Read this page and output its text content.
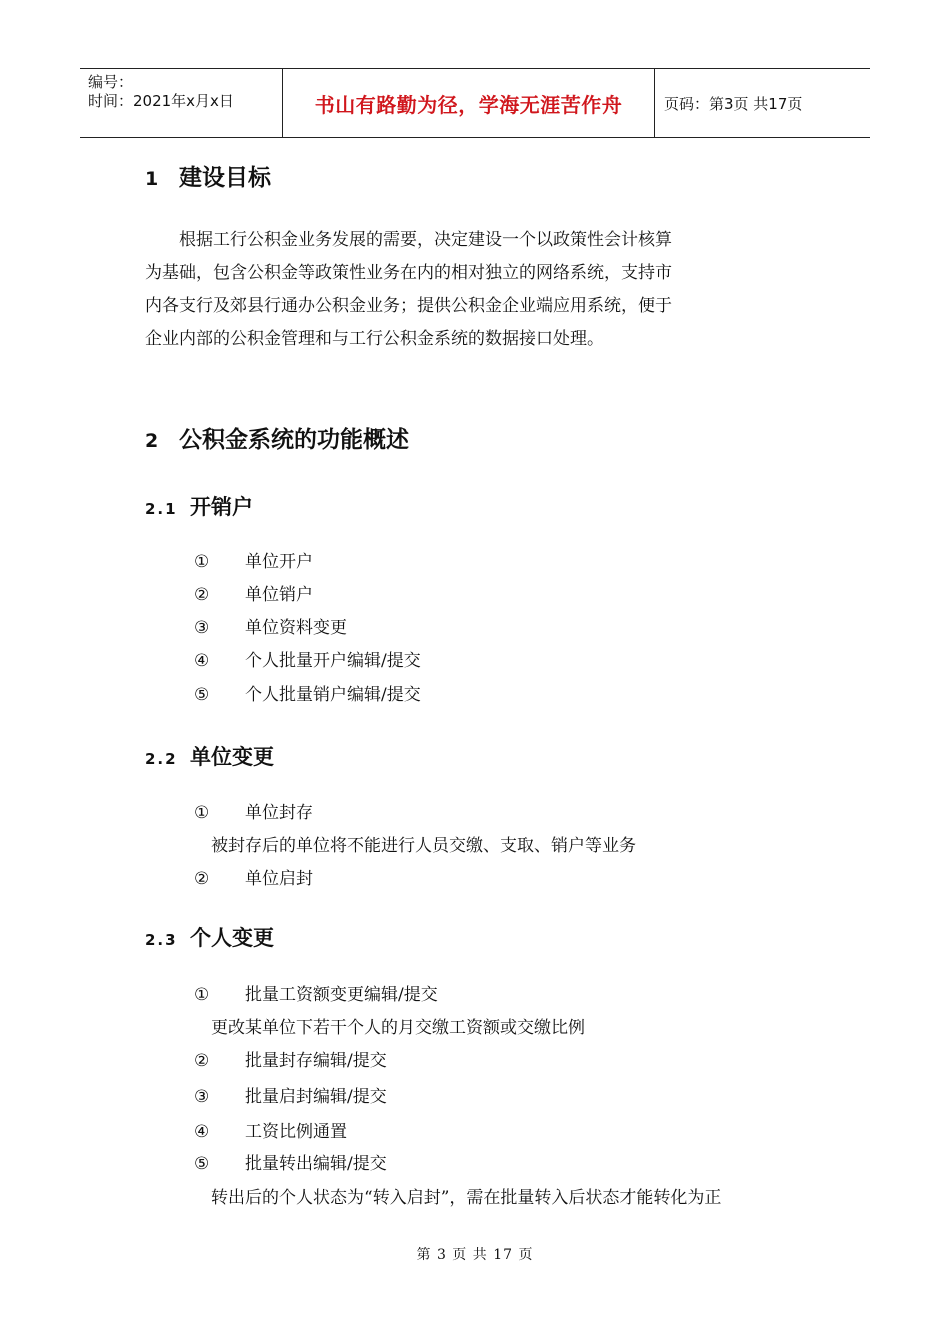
编号：
时间：2021年x月x日	书山有路勤为径，学海无涯苦作舟	页码：第3页 共17页
1 建设目标
根据工行公积金业务发展的需要，决定建设一个以政策性会计核算
为基础，包含公积金等政策性业务在内的相对独立的网络系统，支持市
内各支行及郊县行通办公积金业务；提供公积金企业端应用系统，便于
企业内部的公积金管理和与工行公积金系统的数据接口处理。
2 公积金系统的功能概述
2.1 开销户
① 单位开户
② 单位销户
③ 单位资料变更
④ 个人批量开户编辑/提交
⑤ 个人批量销户编辑/提交
2.2 单位变更
① 单位封存
被封存后的单位将不能进行人员交缴、支取、销户等业务
② 单位启封
2.3 个人变更
① 批量工资额变更编辑/提交
更改某单位下若干个人的月交缴工资额或交缴比例
② 批量封存编辑/提交
③ 批量启封编辑/提交
④ 工资比例通置
⑤ 批量转出编辑/提交
转出后的个人状态为“转入启封”，需在批量转入后状态才能转化为正
第 3 页 共 17 页
